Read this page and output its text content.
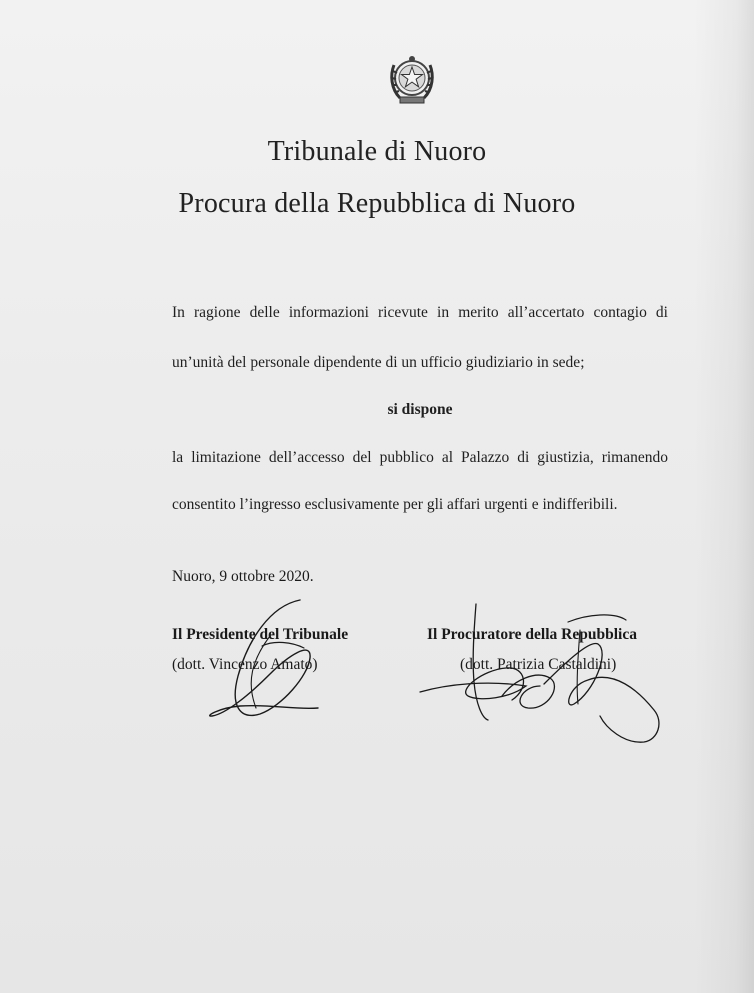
Tribunale di Nuoro
Procura della Repubblica di Nuoro
In ragione delle informazioni ricevute in merito all’accertato contagio di
un’unità del personale dipendente di un ufficio giudiziario in sede;
si dispone
la limitazione dell’accesso del pubblico al Palazzo di giustizia, rimanendo
consentito l’ingresso esclusivamente per gli affari urgenti e indifferibili.
Nuoro, 9 ottobre 2020.
Il Presidente del Tribunale
(dott. Vincenzo Amato)
Il Procuratore della Repubblica
(dott. Patrizia Castaldini)
